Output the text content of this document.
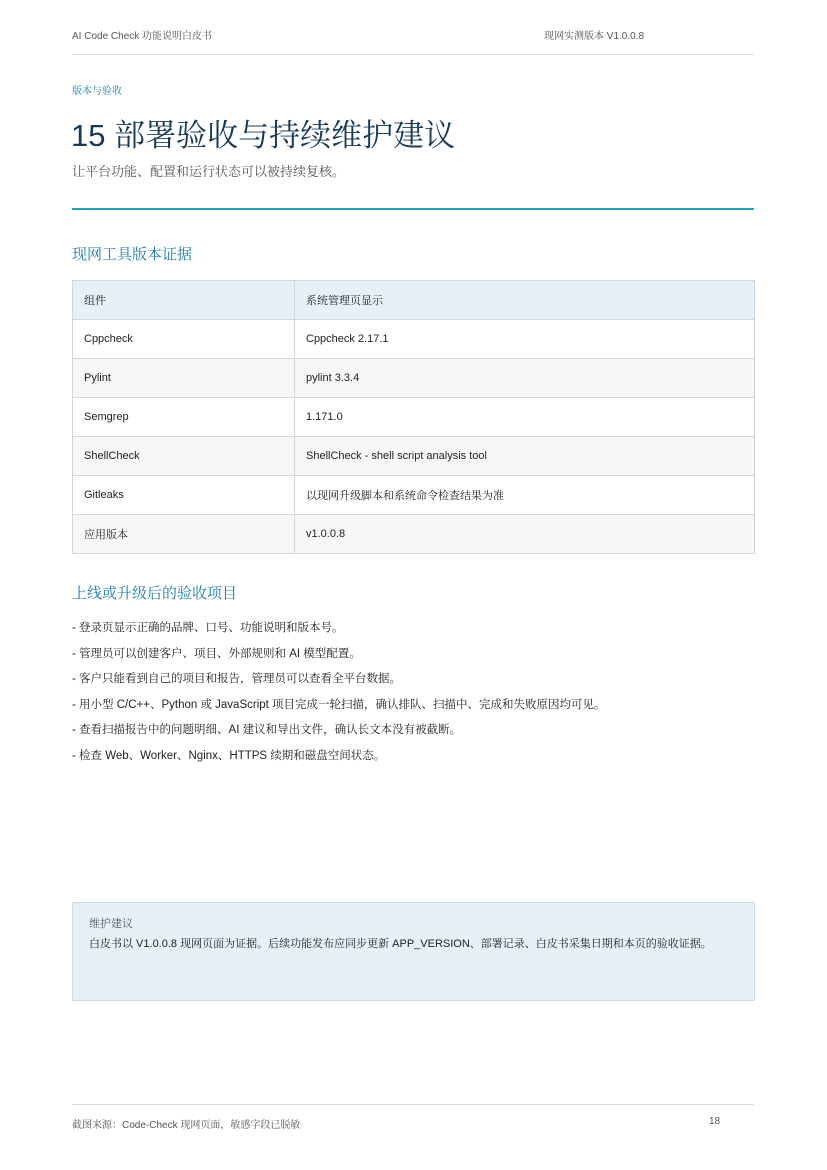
AI Code Check 功能说明白皮书	现网实测版本 V1.0.0.8
版本与验收
15 部署验收与持续维护建议
让平台功能、配置和运行状态可以被持续复核。
现网工具版本证据
组件	系统管理页显示
Cppcheck	Cppcheck 2.17.1
Pylint	pylint 3.3.4
Semgrep	1.171.0
ShellCheck	ShellCheck - shell script analysis tool
Gitleaks	以现网升级脚本和系统命令检查结果为准
应用版本	v1.0.0.8
上线或升级后的验收项目
- 登录页显示正确的品牌、口号、功能说明和版本号。
- 管理员可以创建客户、项目、外部规则和 AI 模型配置。
- 客户只能看到自己的项目和报告，管理员可以查看全平台数据。
- 用小型 C/C++、Python 或 JavaScript 项目完成一轮扫描，确认排队、扫描中、完成和失败原因均可见。
- 查看扫描报告中的问题明细、AI 建议和导出文件，确认长文本没有被截断。
- 检查 Web、Worker、Nginx、HTTPS 续期和磁盘空间状态。
维护建议
白皮书以 V1.0.0.8 现网页面为证据。后续功能发布应同步更新 APP_VERSION、部署记录、白皮书采集日期和本页的验收证据。
截图来源：Code-Check 现网页面，敏感字段已脱敏	18
